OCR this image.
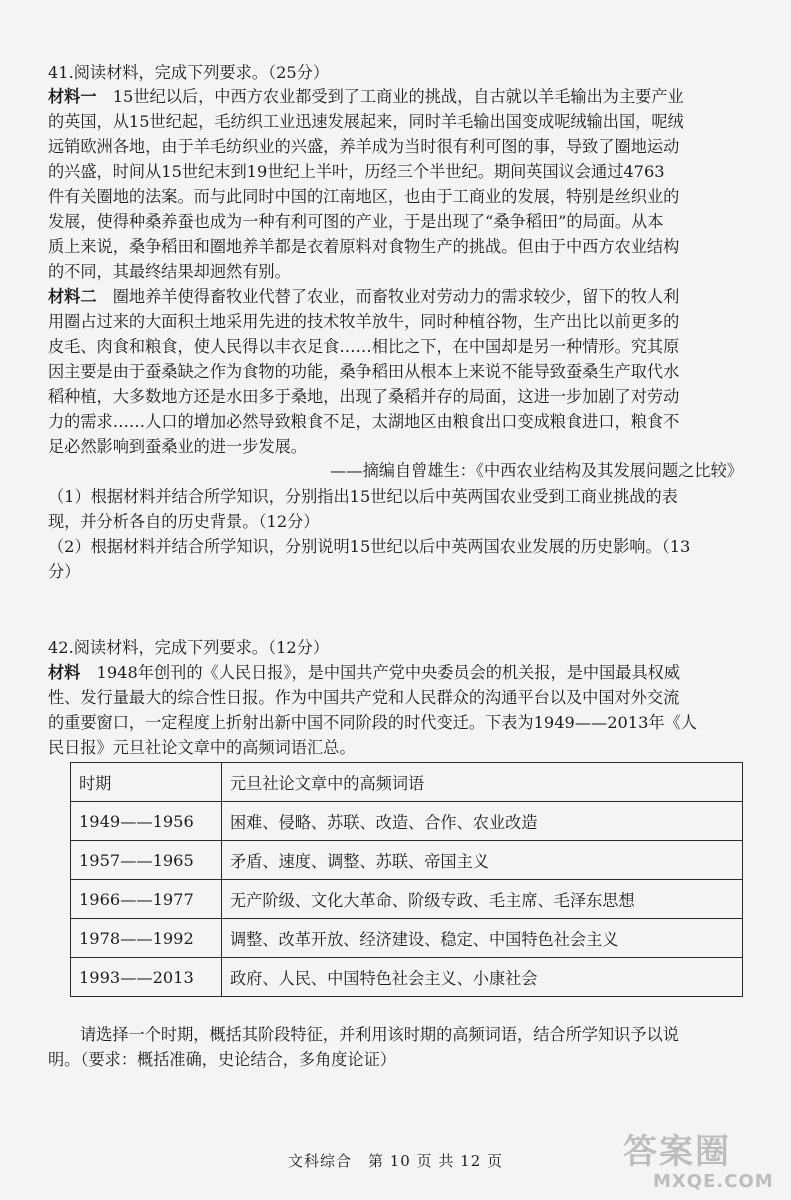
41.阅读材料，完成下列要求。（25分）
材料一　15世纪以后，中西方农业都受到了工商业的挑战，自古就以羊毛输出为主要产业
的英国，从15世纪起，毛纺织工业迅速发展起来，同时羊毛输出国变成呢绒输出国，呢绒
远销欧洲各地，由于羊毛纺织业的兴盛，养羊成为当时很有利可图的事，导致了圈地运动
的兴盛，时间从15世纪末到19世纪上半叶，历经三个半世纪。期间英国议会通过4763
件有关圈地的法案。而与此同时中国的江南地区，也由于工商业的发展，特别是丝织业的
发展，使得种桑养蚕也成为一种有利可图的产业，于是出现了“桑争稻田”的局面。从本
质上来说，桑争稻田和圈地养羊都是衣着原料对食物生产的挑战。但由于中西方农业结构
的不同，其最终结果却迥然有别。
材料二　圈地养羊使得畜牧业代替了农业，而畜牧业对劳动力的需求较少，留下的牧人利
用圈占过来的大面积土地采用先进的技术牧羊放牛，同时种植谷物，生产出比以前更多的
皮毛、肉食和粮食，使人民得以丰衣足食……相比之下，在中国却是另一种情形。究其原
因主要是由于蚕桑缺之作为食物的功能，桑争稻田从根本上来说不能导致蚕桑生产取代水
稻种植，大多数地方还是水田多于桑地，出现了桑稻并存的局面，这进一步加剧了对劳动
力的需求……人口的增加必然导致粮食不足，太湖地区由粮食出口变成粮食进口，粮食不
足必然影响到蚕桑业的进一步发展。
——摘编自曾雄生：《中西农业结构及其发展问题之比较》
（1）根据材料并结合所学知识，分别指出15世纪以后中英两国农业受到工商业挑战的表
现，并分析各自的历史背景。（12分）
（2）根据材料并结合所学知识，分别说明15世纪以后中英两国农业发展的历史影响。（13
分）
42.阅读材料，完成下列要求。（12分）
材料　1948年创刊的《人民日报》，是中国共产党中央委员会的机关报，是中国最具权威
性、发行量最大的综合性日报。作为中国共产党和人民群众的沟通平台以及中国对外交流
的重要窗口，一定程度上折射出新中国不同阶段的时代变迁。下表为1949——2013年《人
民日报》元旦社论文章中的高频词语汇总。
时期	元旦社论文章中的高频词语
1949——1956	困难、侵略、苏联、改造、合作、农业改造
1957——1965	矛盾、速度、调整、苏联、帝国主义
1966——1977	无产阶级、文化大革命、阶级专政、毛主席、毛泽东思想
1978——1992	调整、改革开放、经济建设、稳定、中国特色社会主义
1993——2013	政府、人民、中国特色社会主义、小康社会
请选择一个时期，概括其阶段特征，并利用该时期的高频词语，结合所学知识予以说
明。（要求：概括准确，史论结合，多角度论证）
文科综合　第 10 页 共 12 页	答案圈
MXQE.COM
